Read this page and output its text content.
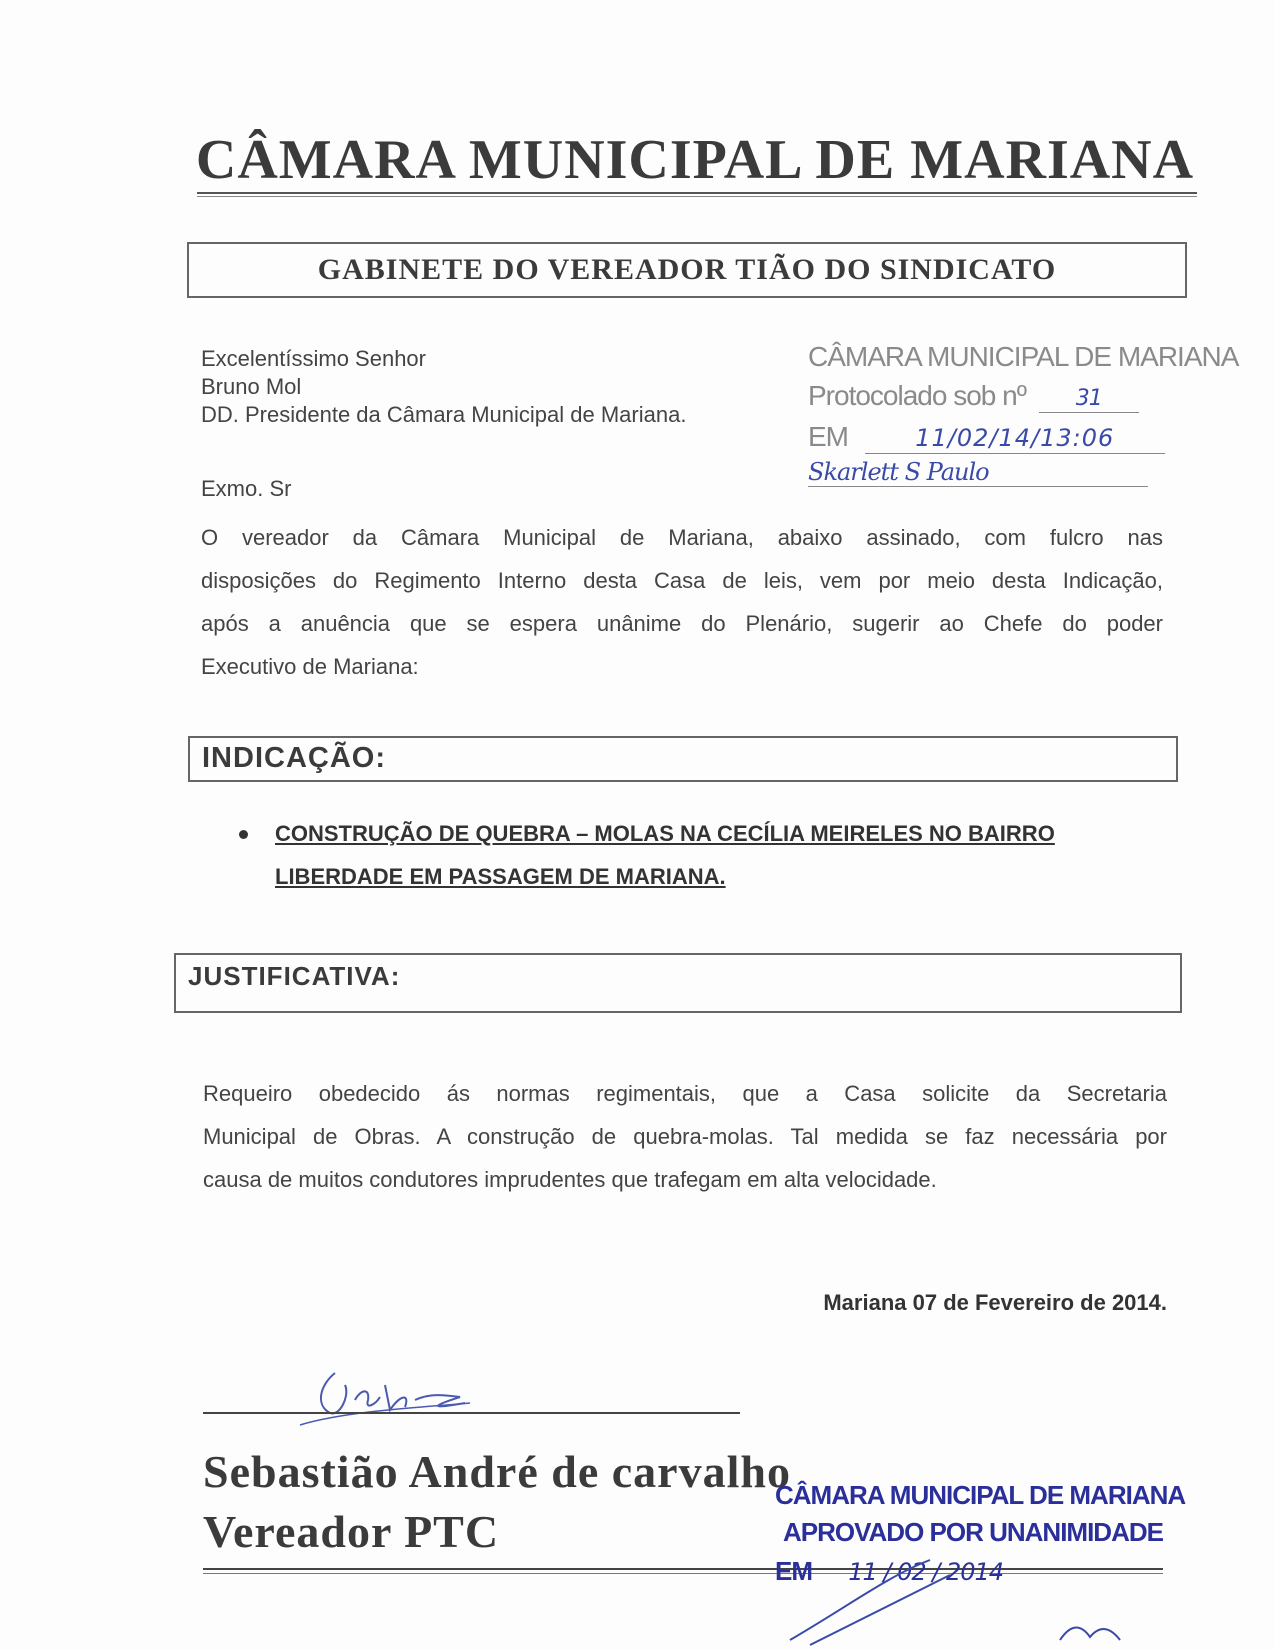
CÂMARA MUNICIPAL DE MARIANA
GABINETE DO VEREADOR TIÃO DO SINDICATO
Excelentíssimo Senhor
Bruno Mol
DD. Presidente da Câmara Municipal de Mariana.
CÂMARA MUNICIPAL DE MARIANA
Protocolado sob nº 31
EM	11/02/14/13:06
Skarlett S Paulo
Exmo. Sr
O vereador da Câmara Municipal de Mariana, abaixo assinado, com fulcro nas
disposições do Regimento Interno desta Casa de leis, vem por meio desta Indicação,
após a anuência que se espera unânime do Plenário, sugerir ao Chefe do poder
Executivo de Mariana:
INDICAÇÃO:
CONSTRUÇÃO DE QUEBRA – MOLAS NA CECÍLIA MEIRELES NO BAIRRO
LIBERDADE EM PASSAGEM DE MARIANA.
JUSTIFICATIVA:
Requeiro obedecido ás normas regimentais, que a Casa solicite da Secretaria
Municipal de Obras. A construção de quebra-molas. Tal medida se faz necessária por
causa de muitos condutores imprudentes que trafegam em alta velocidade.
Mariana 07 de Fevereiro de 2014.
Sebastião André de carvalho
Vereador PTC
CÂMARA MUNICIPAL DE MARIANA
APROVADO POR UNANIMIDADE
EM 11 / 02 / 2014
